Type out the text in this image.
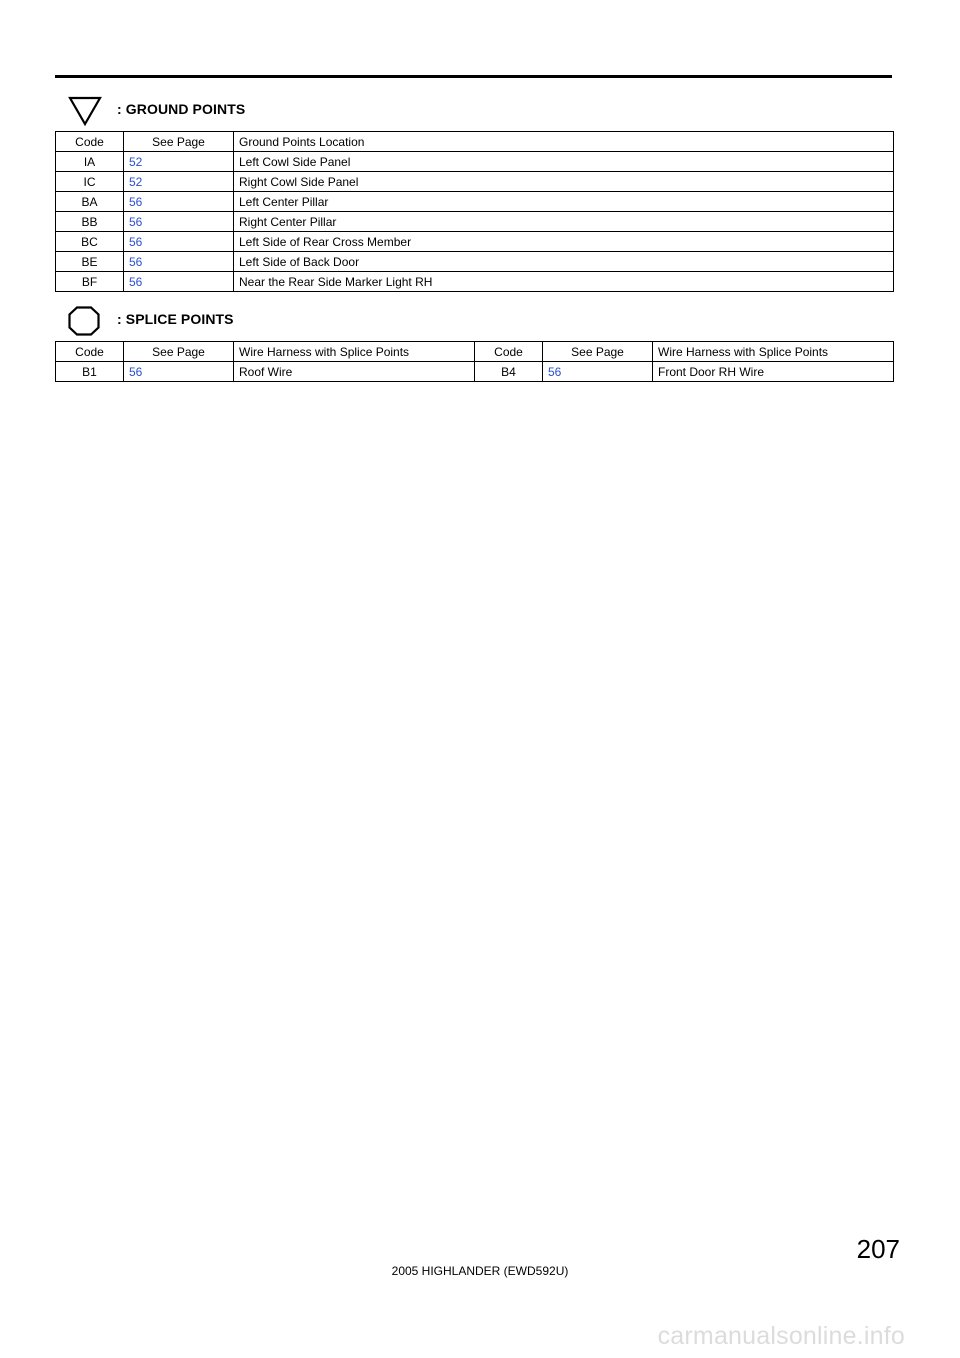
: GROUND POINTS
Code	See Page	Ground Points Location
IA	52	Left Cowl Side Panel
IC	52	Right Cowl Side Panel
BA	56	Left Center Pillar
BB	56	Right Center Pillar
BC	56	Left Side of Rear Cross Member
BE	56	Left Side of Back Door
BF	56	Near the Rear Side Marker Light RH
: SPLICE POINTS
Code	See Page	Wire Harness with Splice Points	Code	See Page	Wire Harness with Splice Points
B1	56	Roof Wire	B4	56	Front Door RH Wire
207
2005 HIGHLANDER (EWD592U)
carmanualsonline.info
